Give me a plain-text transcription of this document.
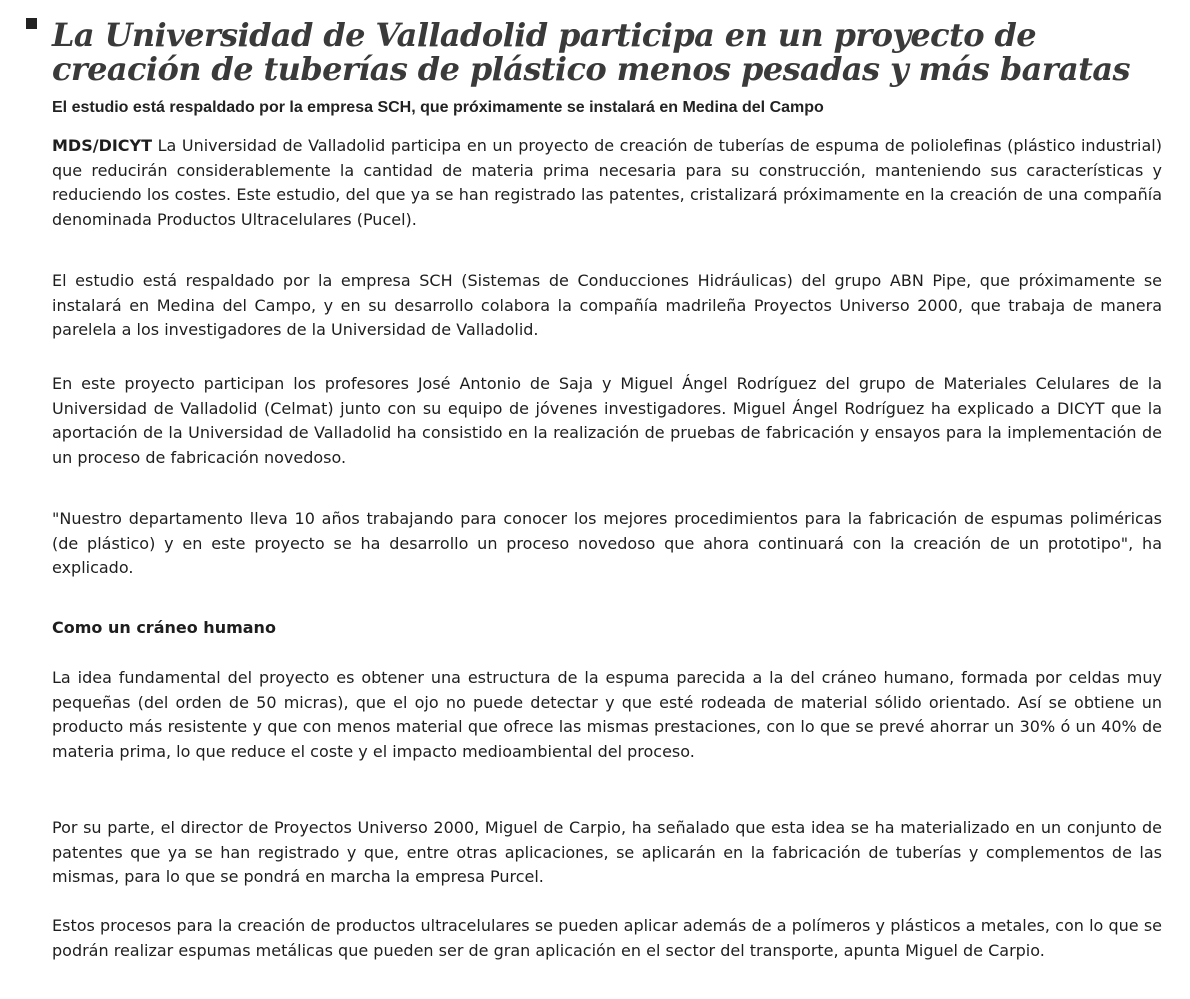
La Universidad de Valladolid participa en un proyecto de creación de tuberías de plástico menos pesadas y más baratas

El estudio está respaldado por la empresa SCH, que próximamente se instalará en Medina del Campo

MDS/DICYT La Universidad de Valladolid participa en un proyecto de creación de tuberías de espuma de poliolefinas (plástico industrial) que reducirán considerablemente la cantidad de materia prima necesaria para su construcción, manteniendo sus características y reduciendo los costes. Este estudio, del que ya se han registrado las patentes, cristalizará próximamente en la creación de una compañía denominada Productos Ultracelulares (Pucel).

El estudio está respaldado por la empresa SCH (Sistemas de Conducciones Hidráulicas) del grupo ABN Pipe, que próximamente se instalará en Medina del Campo, y en su desarrollo colabora la compañía madrileña Proyectos Universo 2000, que trabaja de manera parelela a los investigadores de la Universidad de Valladolid.

En este proyecto participan los profesores José Antonio de Saja y Miguel Ángel Rodríguez del grupo de Materiales Celulares de la Universidad de Valladolid (Celmat) junto con su equipo de jóvenes investigadores. Miguel Ángel Rodríguez ha explicado a DICYT que la aportación de la Universidad de Valladolid ha consistido en la realización de pruebas de fabricación y ensayos para la implementación de un proceso de fabricación novedoso.

"Nuestro departamento lleva 10 años trabajando para conocer los mejores procedimientos para la fabricación de espumas poliméricas (de plástico) y en este proyecto se ha desarrollo un proceso novedoso que ahora continuará con la creación de un prototipo", ha explicado.

Como un cráneo humano

La idea fundamental del proyecto es obtener una estructura de la espuma parecida a la del cráneo humano, formada por celdas muy pequeñas (del orden de 50 micras), que el ojo no puede detectar y que esté rodeada de material sólido orientado. Así se obtiene un producto más resistente y que con menos material que ofrece las mismas prestaciones, con lo que se prevé ahorrar un 30% ó un 40% de materia prima, lo que reduce el coste y el impacto medioambiental del proceso.

Por su parte, el director de Proyectos Universo 2000, Miguel de Carpio, ha señalado que esta idea se ha materializado en un conjunto de patentes que ya se han registrado y que, entre otras aplicaciones, se aplicarán en la fabricación de tuberías y complementos de las mismas, para lo que se pondrá en marcha la empresa Purcel.

Estos procesos para la creación de productos ultracelulares se pueden aplicar además de a polímeros y plásticos a metales, con lo que se podrán realizar espumas metálicas que pueden ser de gran aplicación en el sector del transporte, apunta Miguel de Carpio.
